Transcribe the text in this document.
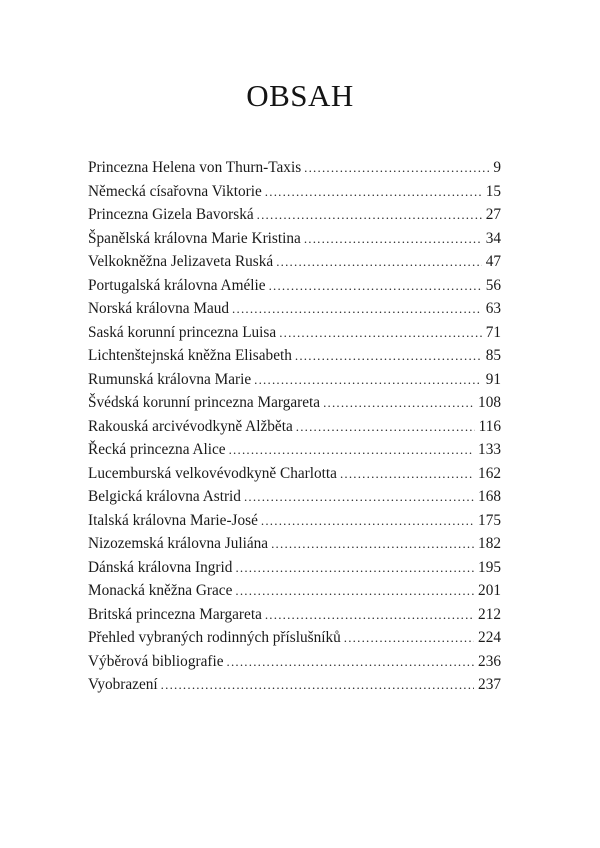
OBSAH
Princezna Helena von Thurn-Taxis .....	9
Německá císařovna Viktorie .....	15
Princezna Gizela Bavorská .....	27
Španělská královna Marie Kristina .....	34
Velkokněžna Jelizaveta Ruská .....	47
Portugalská královna Amélie .....	56
Norská královna Maud .....	63
Saská korunní princezna Luisa .....	71
Lichtenštejnská kněžna Elisabeth .....	85
Rumunská královna Marie .....	91
Švédská korunní princezna Margareta .....	108
Rakouská arcivévodkyně Alžběta .....	116
Řecká princezna Alice .....	133
Lucemburská velkovévodkyně Charlotta .....	162
Belgická královna Astrid .....	168
Italská královna Marie-José .....	175
Nizozemská královna Juliána .....	182
Dánská královna Ingrid .....	195
Monacká kněžna Grace .....	201
Britská princezna Margareta .....	212
Přehled vybraných rodinných příslušníků .....	224
Výběrová bibliografie .....	236
Vyobrazení .....	237
